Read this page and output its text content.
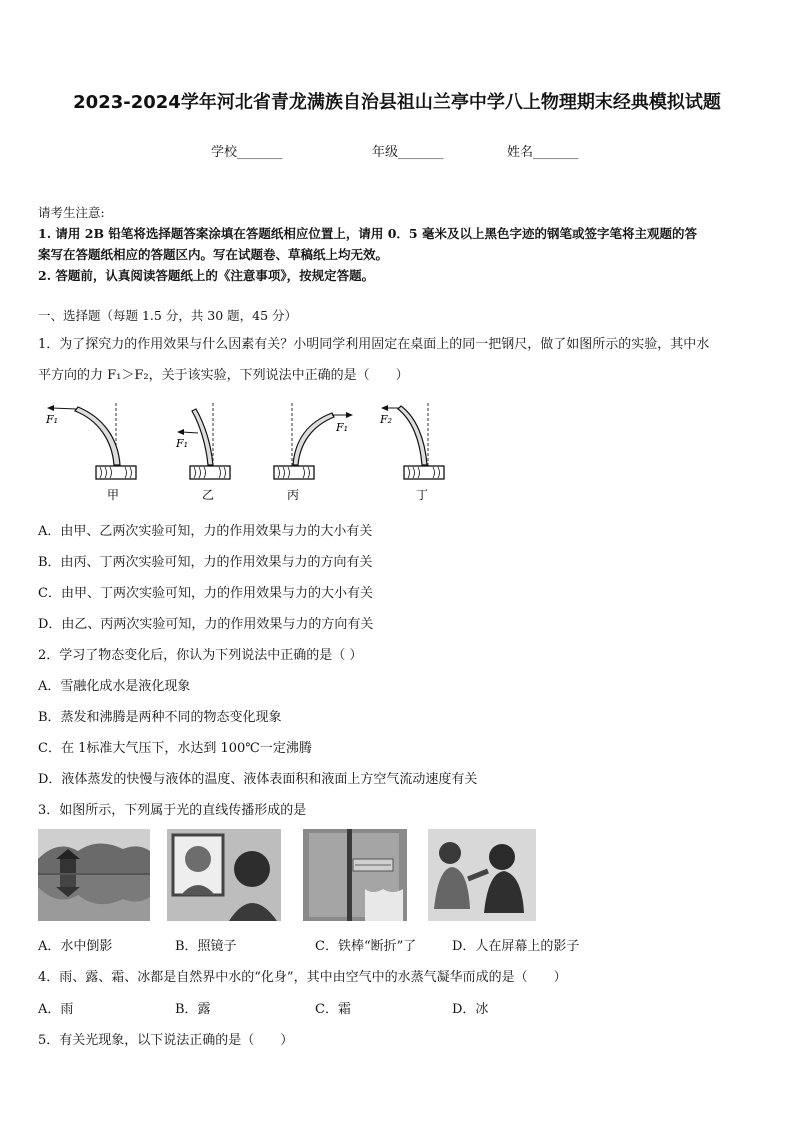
2023-2024学年河北省青龙满族自治县祖山兰亭中学八上物理期末经典模拟试题
学校_______	年级_______	姓名_______
请考生注意:
1. 请用 2B 铅笔将选择题答案涂填在答题纸相应位置上，请用 0．5 毫米及以上黑色字迹的钢笔或签字笔将主观题的答
案写在答题纸相应的答题区内。写在试题卷、草稿纸上均无效。
2. 答题前，认真阅读答题纸上的《注意事项》，按规定答题。
一、选择题（每题 1.5 分，共 30 题，45 分）
1．为了探究力的作用效果与什么因素有关？小明同学利用固定在桌面上的同一把钢尺，做了如图所示的实验，其中水
平方向的力 F₁＞F₂，关于该实验，下列说法中正确的是（　　）
F₁
甲
F₁
乙
F₁
丙
F₂
丁
A．由甲、乙两次实验可知，力的作用效果与力的大小有关
B．由丙、丁两次实验可知，力的作用效果与力的方向有关
C．由甲、丁两次实验可知，力的作用效果与力的大小有关
D．由乙、丙两次实验可知，力的作用效果与力的方向有关
2．学习了物态变化后，你认为下列说法中正确的是（ ）
A．雪融化成水是液化现象
B．蒸发和沸腾是两种不同的物态变化现象
C．在 1标准大气压下，水达到 100℃一定沸腾
D．液体蒸发的快慢与液体的温度、液体表面积和液面上方空气流动速度有关
3．如图所示，下列属于光的直线传播形成的是
A．水中倒影	B．照镜子	C．铁棒“断折”了	D．人在屏幕上的影子
4．雨、露、霜、冰都是自然界中水的“化身”，其中由空气中的水蒸气凝华而成的是（　　）
A．雨	B．露	C．霜	D．冰
5．有关光现象，以下说法正确的是（　　）
